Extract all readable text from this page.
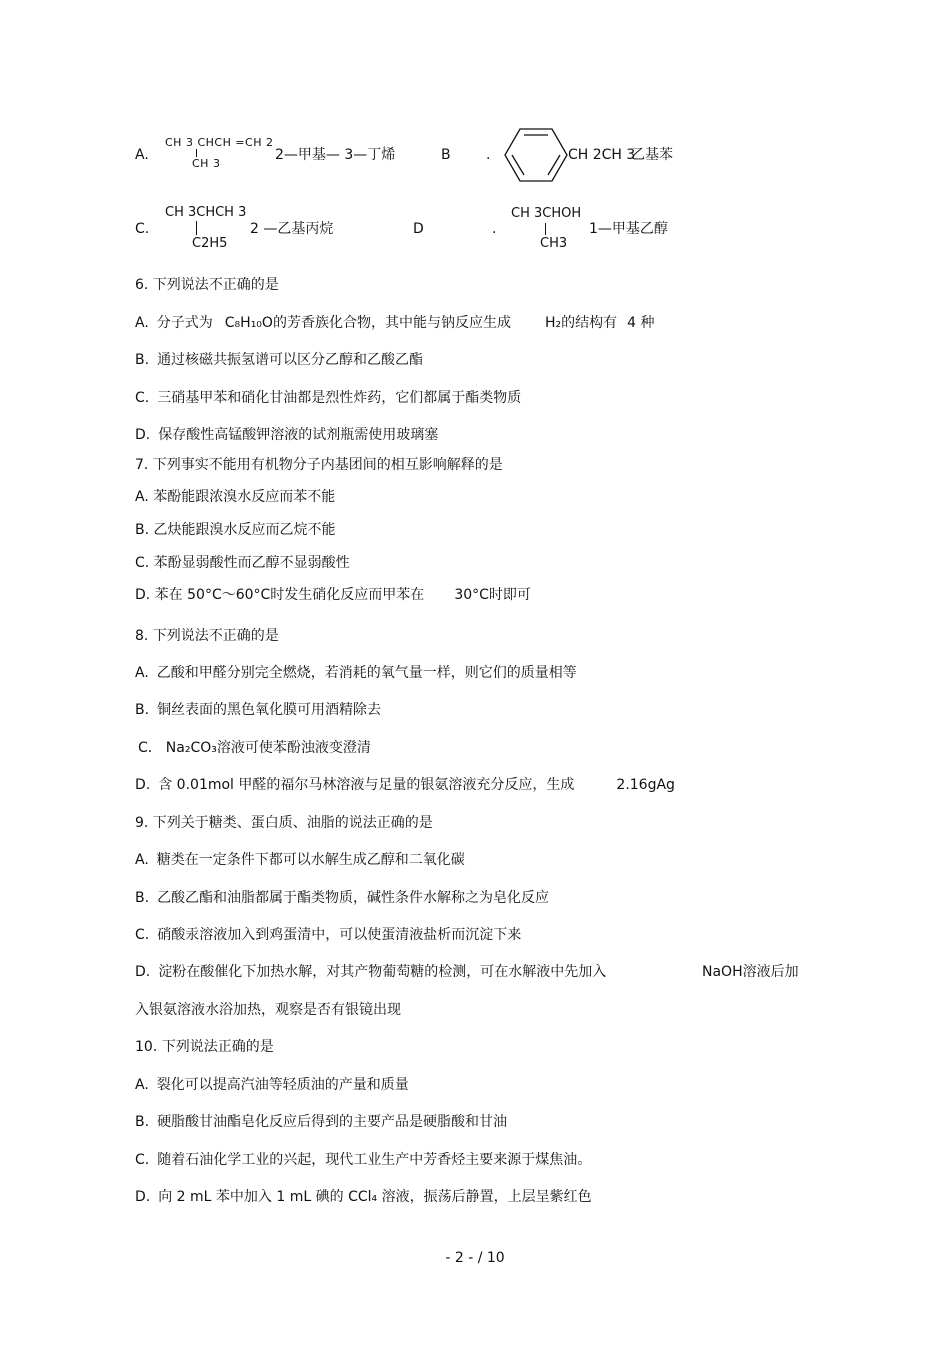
A.
CH 3 CHCH =CH 2
CH 3
2—甲基— 3—丁烯	B	.	CH 2CH 3
乙基苯
C.
CH 3CHCH 3
C2H5
2 —乙基丙烷	D	.
CH 3CHOH
CH3
1—甲基乙醇
6. 下列说法不正确的是
A. 分子式为 C₈H₁₀O的芳香族化合物，其中能与钠反应生成 H₂的结构有 4 种
B. 通过核磁共振氢谱可以区分乙醇和乙酸乙酯
C. 三硝基甲苯和硝化甘油都是烈性炸药，它们都属于酯类物质
D. 保存酸性高锰酸钾溶液的试剂瓶需使用玻璃塞
7. 下列事实不能用有机物分子内基团间的相互影响解释的是
A. 苯酚能跟浓溴水反应而苯不能
B. 乙炔能跟溴水反应而乙烷不能
C. 苯酚显弱酸性而乙醇不显弱酸性
D. 苯在 50°C～60°C时发生硝化反应而甲苯在 30°C时即可
8. 下列说法不正确的是
A. 乙酸和甲醛分别完全燃烧，若消耗的氧气量一样，则它们的质量相等
B. 铜丝表面的黑色氧化膜可用酒精除去
C． Na₂CO₃溶液可使苯酚浊液变澄清
D. 含 0.01mol 甲醛的福尔马林溶液与足量的银氨溶液充分反应，生成	2.16gAg
9. 下列关于糖类、蛋白质、油脂的说法正确的是
A. 糖类在一定条件下都可以水解生成乙醇和二氧化碳
B. 乙酸乙酯和油脂都属于酯类物质，碱性条件水解称之为皂化反应
C. 硝酸汞溶液加入到鸡蛋清中，可以使蛋清液盐析而沉淀下来
D. 淀粉在酸催化下加热水解，对其产物葡萄糖的检测，可在水解液中先加入	NaOH溶液后加
入银氨溶液水浴加热，观察是否有银镜出现
10. 下列说法正确的是
A. 裂化可以提高汽油等轻质油的产量和质量
B. 硬脂酸甘油酯皂化反应后得到的主要产品是硬脂酸和甘油
C. 随着石油化学工业的兴起，现代工业生产中芳香烃主要来源于煤焦油。
D. 向 2 mL 苯中加入 1 mL 碘的 CCl₄ 溶液，振荡后静置，上层呈紫红色
- 2 - / 10
